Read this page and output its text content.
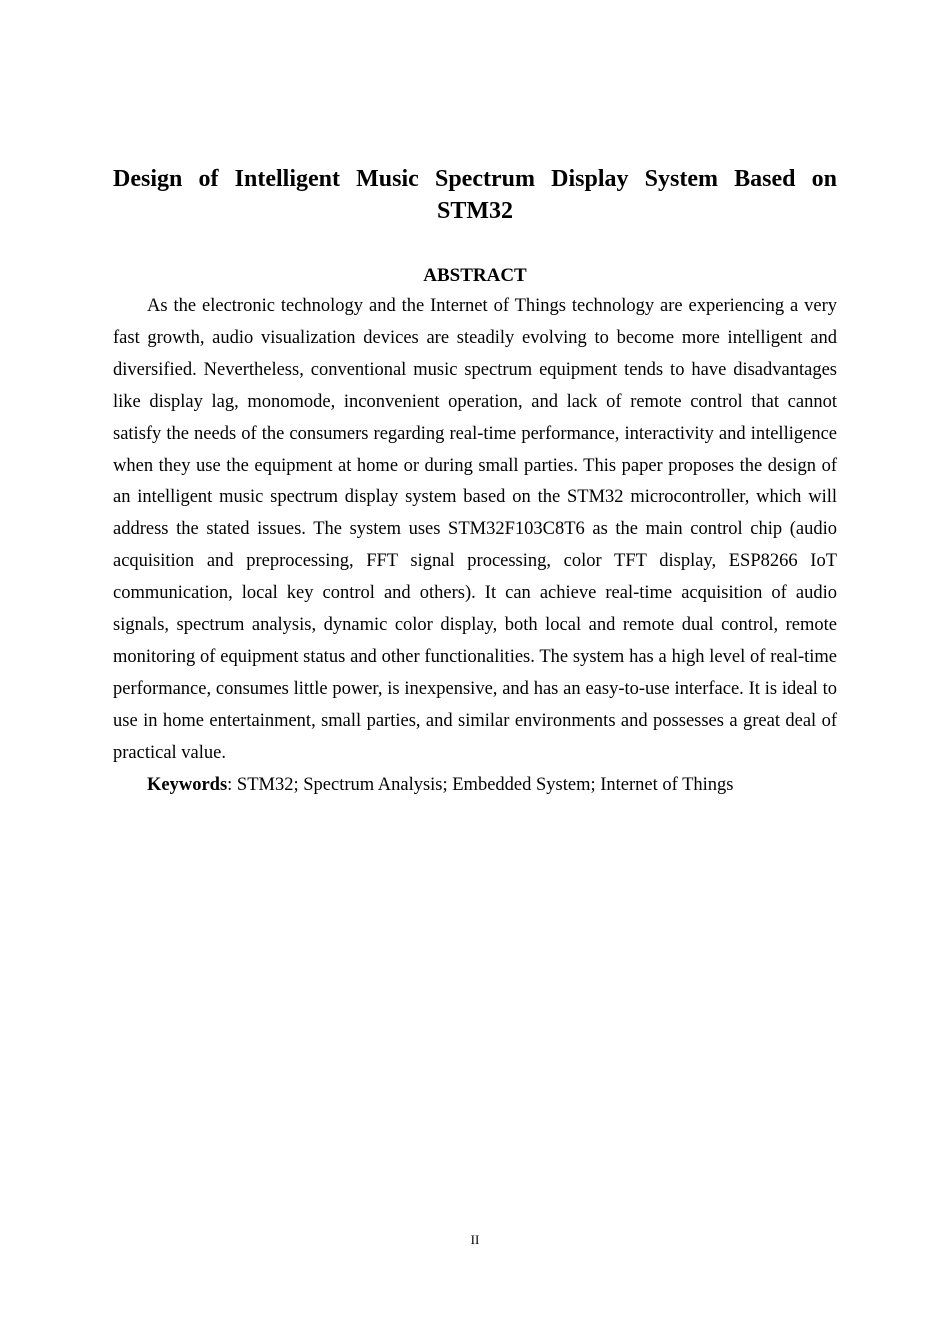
Design of Intelligent Music Spectrum Display System Based on STM32
ABSTRACT

As the electronic technology and the Internet of Things technology are experiencing a very fast growth, audio visualization devices are steadily evolving to become more intelligent and diversified. Nevertheless, conventional music spectrum equipment tends to have disadvantages like display lag, monomode, inconvenient operation, and lack of remote control that cannot satisfy the needs of the consumers regarding real-time performance, interactivity and intelligence when they use the equipment at home or during small parties. This paper proposes the design of an intelligent music spectrum display system based on the STM32 microcontroller, which will address the stated issues. The system uses STM32F103C8T6 as the main control chip (audio acquisition and preprocessing, FFT signal processing, color TFT display, ESP8266 IoT communication, local key control and others). It can achieve real-time acquisition of audio signals, spectrum analysis, dynamic color display, both local and remote dual control, remote monitoring of equipment status and other functionalities. The system has a high level of real-time performance, consumes little power, is inexpensive, and has an easy-to-use interface. It is ideal to use in home entertainment, small parties, and similar environments and possesses a great deal of practical value.

Keywords: STM32; Spectrum Analysis; Embedded System; Internet of Things

II
